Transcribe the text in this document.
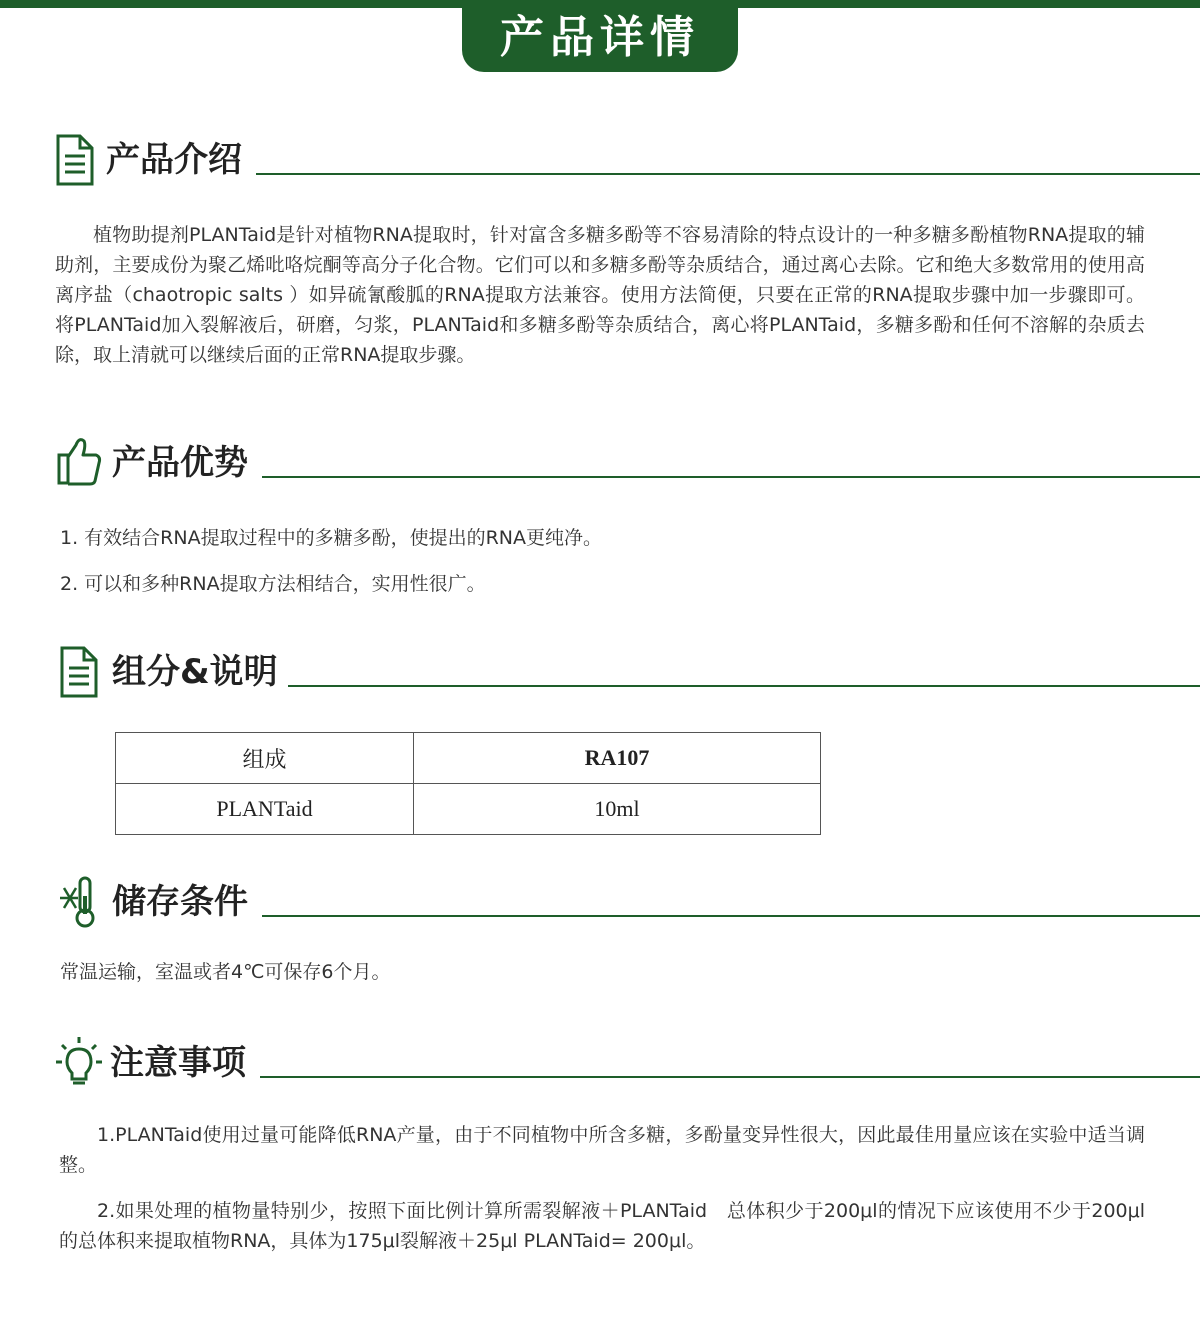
产品详情
产品介绍

植物助提剂PLANTaid是针对植物RNA提取时，针对富含多糖多酚等不容易清除的特点设计的一种多糖多酚植物RNA提取的辅助剂，主要成份为聚乙烯吡咯烷酮等高分子化合物。它们可以和多糖多酚等杂质结合，通过离心去除。它和绝大多数常用的使用高离序盐（chaotropic salts ）如异硫氰酸胍的RNA提取方法兼容。使用方法简便，只要在正常的RNA提取步骤中加一步骤即可。将PLANTaid加入裂解液后，研磨，匀浆，PLANTaid和多糖多酚等杂质结合，离心将PLANTaid，多糖多酚和任何不溶解的杂质去除，取上清就可以继续后面的正常RNA提取步骤。

产品优势
1. 有效结合RNA提取过程中的多糖多酚，使提出的RNA更纯净。
2. 可以和多种RNA提取方法相结合，实用性很广。
组分&说明
组成	RA107
PLANTaid	10ml
储存条件
常温运输，室温或者4℃可保存6个月。
注意事项

1.PLANTaid使用过量可能降低RNA产量，由于不同植物中所含多糖，多酚量变异性很大，因此最佳用量应该在实验中适当调整。

2.如果处理的植物量特别少，按照下面比例计算所需裂解液＋PLANTaid　总体积少于200μl的情况下应该使用不少于200μl的总体积来提取植物RNA，具体为175μl裂解液＋25μl PLANTaid= 200μl。
